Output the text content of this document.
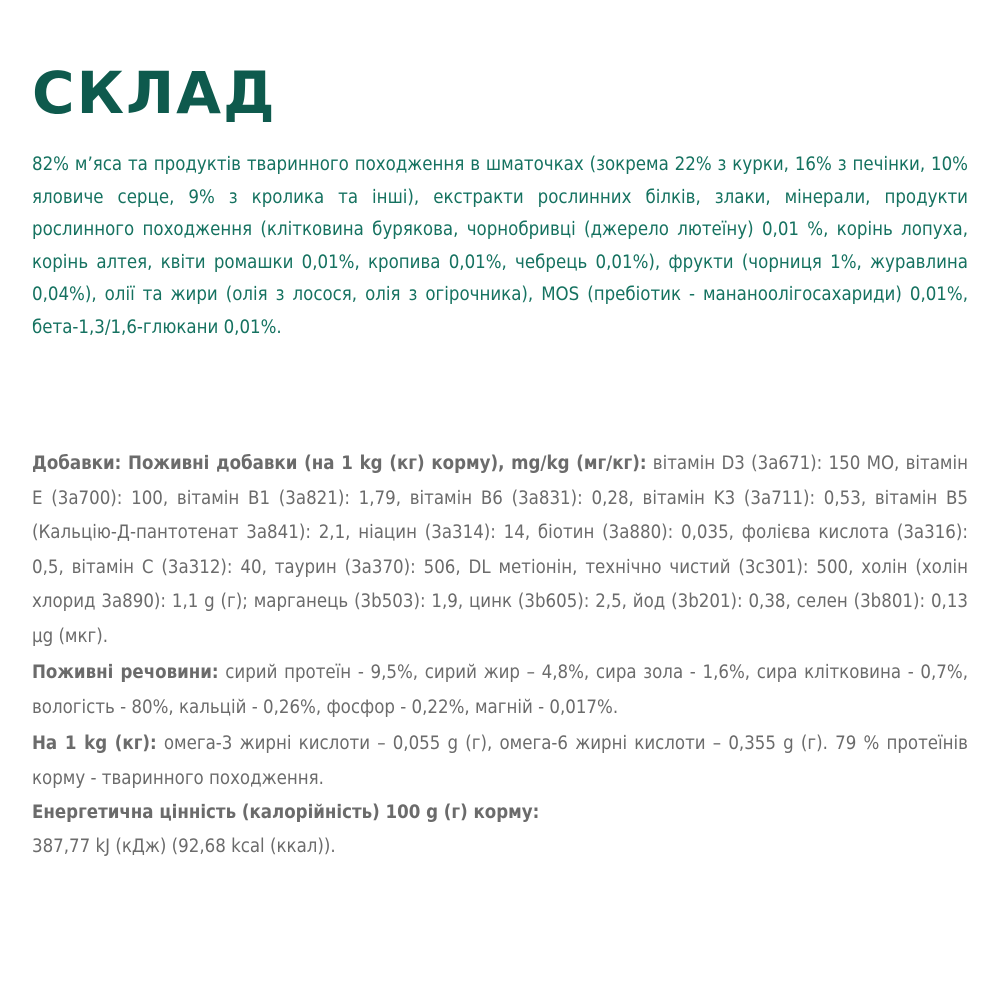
СКЛАД

82% м’яса та продуктів тваринного походження в шматочках (зокрема 22% з курки, 16% з печінки, 10% яловиче серце, 9% з кролика та інші), екстракти рослинних білків, злаки, мінерали, продукти рослинного походження (клітковина бурякова, чорнобривці (джерело лютеїну) 0,01 %, корінь лопуха, корінь алтея, квіти ромашки 0,01%, кропива 0,01%, чебрець 0,01%), фрукти (чорниця 1%, журавлина 0,04%), олії та жири (олія з лосося, олія з огірочника), MOS (пребіотик - мананоолігосахариди) 0,01%, бета-1,3/1,6-глюкани 0,01%.

Добавки: Поживні добавки (на 1 kg (кг) корму), mg/kg (мг/кг): вітамін D3 (3a671): 150 МО, вітамін E (3a700): 100, вітамін B1 (3a821): 1,79, вітамін B6 (3a831): 0,28, вітамін K3 (3a711): 0,53, вітамін B5 (Кальцію-Д-пантотенат 3a841): 2,1, ніацин (3a314): 14, біотин (3a880): 0,035, фолієва кислота (3a316): 0,5, вітамін C (3a312): 40, таурин (3a370): 506, DL метіонін, технічно чистий (3c301): 500, холін (холін хлорид 3a890): 1,1 g (г); марганець (3b503): 1,9, цинк (3b605): 2,5, йод (3b201): 0,38, селен (3b801): 0,13 µg (мкг).

Поживні речовини: сирий протеїн - 9,5%, сирий жир – 4,8%, сира зола - 1,6%, сира клітковина - 0,7%, вологість - 80%, кальцій - 0,26%, фосфор - 0,22%, магній - 0,017%.

На 1 kg (кг): омега-3 жирні кислоти – 0,055 g (г), омега-6 жирні кислоти – 0,355 g (г). 79 % протеїнів корму - тваринного походження.

Енергетична цінність (калорійність) 100 g (г) корму:

387,77 kJ (кДж) (92,68 kcal (ккал)).
